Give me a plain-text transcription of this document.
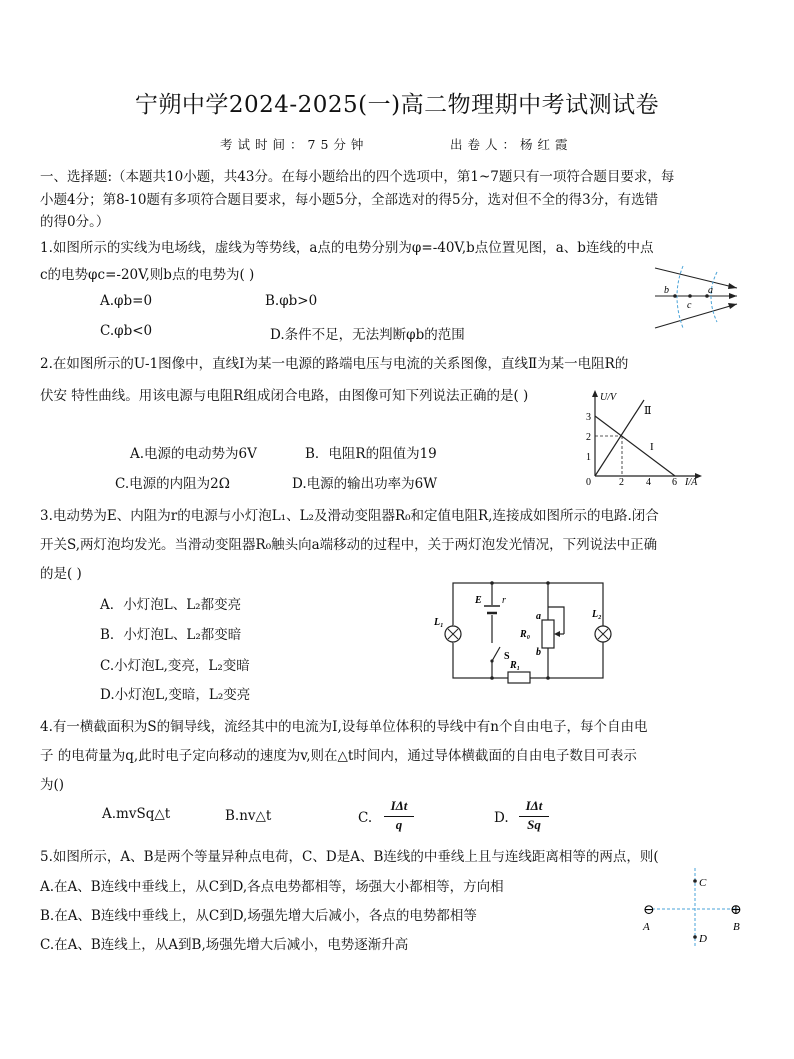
宁朔中学2024-2025(一)高二物理期中考试测试卷
考试时间：75分钟	出卷人：杨红霞
一、选择题:（本题共10小题，共43分。在每小题给出的四个选项中，第1~7题只有一项符合题目要求，每
小题4分；第8-10题有多项符合题目要求，每小题5分，全部选对的得5分，选对但不全的得3分，有选错
的得0分。）
1.如图所示的实线为电场线，虚线为等势线，a点的电势分别为φ=-40V,b点位置见图，a、b连线的中点
c的电势φc=-20V,则b点的电势为( )
A.φb=0	B.φb>0
C.φb<0	D.条件不足，无法判断φb的范围
b
c
a
2.在如图所示的U-1图像中，直线I为某一电源的路端电压与电流的关系图像，直线Ⅱ为某一电阻R的
伏安 特性曲线。用该电源与电阻R组成闭合电路，由图像可知下列说法正确的是( )
A.电源的电动势为6V	B．电阻R的阻值为19
C.电源的内阻为2Ω	D.电源的输出功率为6W
U/V
I/A
3
2
1
0	2 4 6
I
Ⅱ
3.电动势为E、内阻为r的电源与小灯泡L₁、L₂及滑动变阻器R₀和定值电阻R,连接成如图所示的电路.闭合
开关S,两灯泡均发光。当滑动变阻器R₀触头向a端移动的过程中，关于两灯泡发光情况，下列说法中正确
的是( )
A．小灯泡L、L₂都变亮
B．小灯泡L、L₂都变暗
C.小灯泡L,变亮，L₂变暗
D.小灯泡L,变暗，L₂变亮
L₁
L₂
E r
S
R₀
R₁
a
b
4.有一横截面积为S的铜导线，流经其中的电流为I,设每单位体积的导线中有n个自由电子，每个自由电
子 的电荷量为q,此时电子定向移动的速度为v,则在△t时间内，通过导体横截面的自由电子数目可表示
为()
A.mvSq△t	B.nv△t	C.
IΔt
q	D.
IΔt
Sq
5.如图所示，A、B是两个等量异种点电荷，C、D是A、B连线的中垂线上且与连线距离相等的两点，则(
A.在A、B连线中垂线上，从C到D,各点电势都相等，场强大小都相等，方向相
B.在A、B连线中垂线上，从C到D,场强先增大后减小，各点的电势都相等
C.在A、B连线上，从A到B,场强先增大后减小，电势逐渐升高
⊖	⊕
A	B
C
D
